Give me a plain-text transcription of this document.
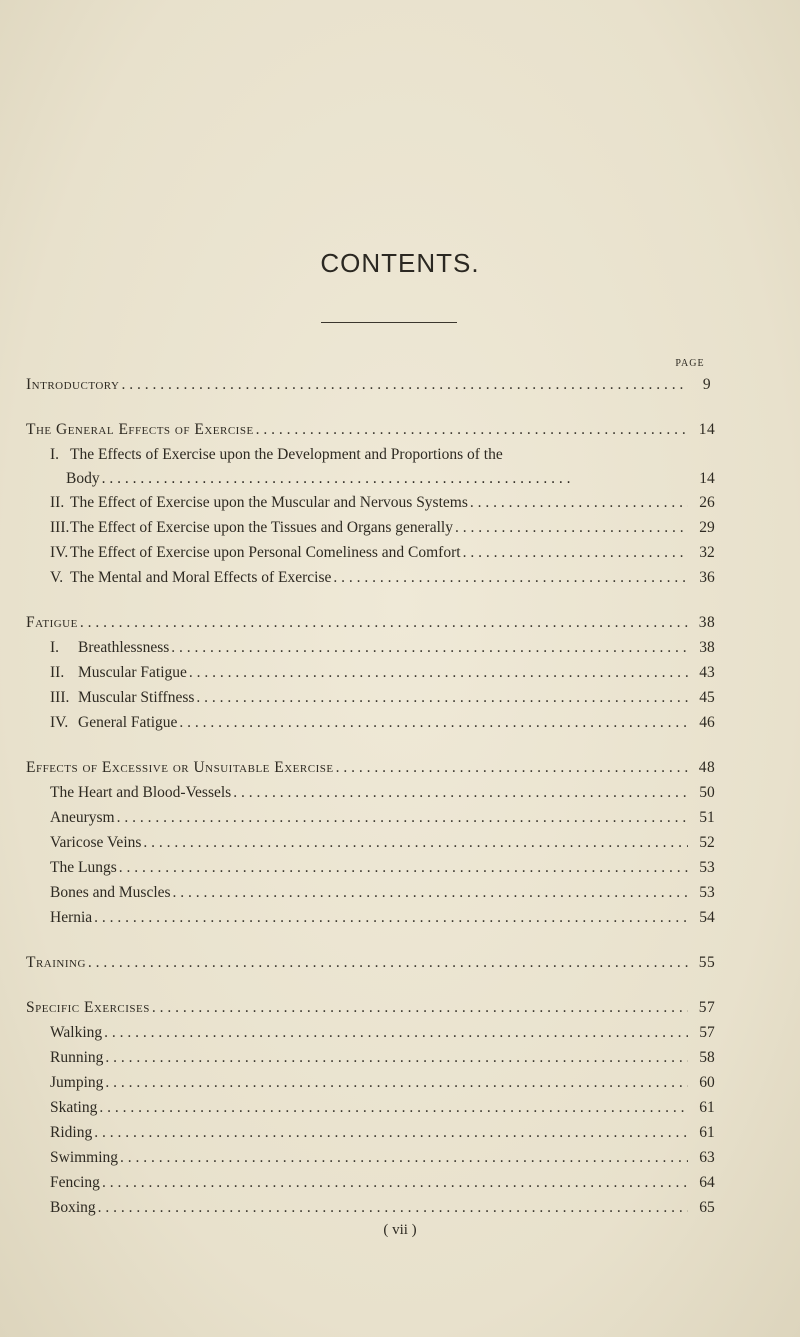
CONTENTS.
PAGE
Introductory . . .	9
The General Effects of Exercise . . .	14
I. The Effects of Exercise upon the Development and Proportions of the
Body . . . . . . . . . . . . . . . . . . . . . . . . . . . . . . . . . . . . . . . . . . . . . . . . . . . . . . . . . . . . .	14
II. The Effect of Exercise upon the Muscular and Nervous Systems . . .	26
III. The Effect of Exercise upon the Tissues and Organs generally . . .	29
IV. The Effect of Exercise upon Personal Comeliness and Comfort . . .	32
V. The Mental and Moral Effects of Exercise . . .	36
Fatigue . . .	38
I.	Breathlessness . . .	38
II. Muscular Fatigue . . .	43
III. Muscular Stiffness . . .	45
IV. General Fatigue . . .	46
Effects of Excessive or Unsuitable Exercise . . .	48
The Heart and Blood-Vessels . . .	50
Aneurysm . . .	51
Varicose Veins . . .	52
The Lungs . . .	53
Bones and Muscles . . .	53
Hernia . . .	54
Training . . .	55
Specific Exercises . . .	57
Walking . . .	57
Running . . .	58
Jumping . . .	60
Skating . . .	61
Riding . . .	61
Swimming . . .	63
Fencing . . .	64
Boxing . . .	65
( vii )
